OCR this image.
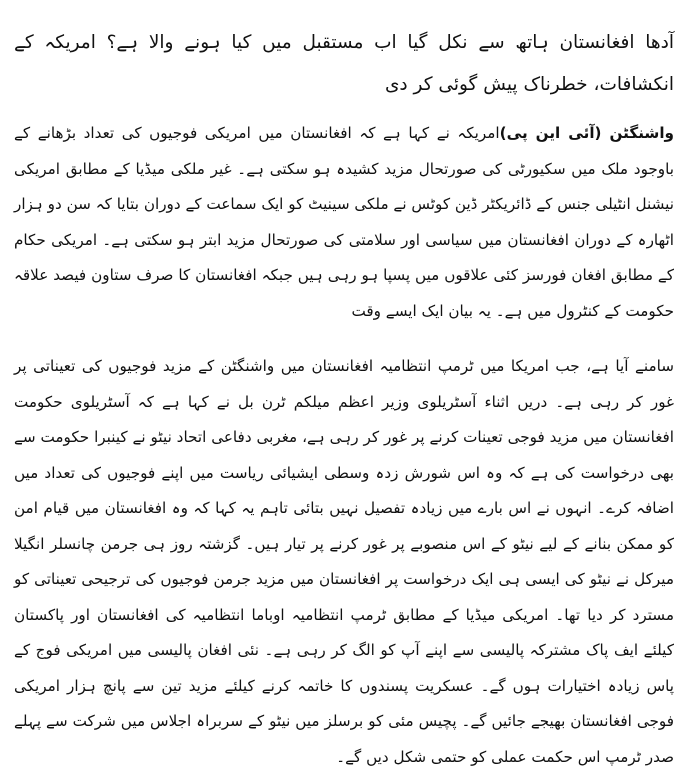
آدھا افغانستان ہاتھ سے نکل گیا اب مستقبل میں کیا ہونے والا ہے؟ امریکہ کے انکشافات، خطرناک پیش گوئی کر دی

واشنگٹن (آئی این پی)امریکہ نے کہا ہے کہ افغانستان میں امریکی فوجیوں کی تعداد بڑھانے کے باوجود ملک میں سکیورٹی کی صورتحال مزید کشیدہ ہو سکتی ہے۔ غیر ملکی میڈیا کے مطابق امریکی نیشنل انٹیلی جنس کے ڈائریکٹر ڈین کوٹس نے ملکی سینیٹ کو ایک سماعت کے دوران بتایا کہ سن دو ہزار اٹھارہ کے دوران افغانستان میں سیاسی اور سلامتی کی صورتحال مزید ابتر ہو سکتی ہے۔ امریکی حکام کے مطابق افغان فورسز کئی علاقوں میں پسپا ہو رہی ہیں جبکہ افغانستان کا صرف ستاون فیصد علاقہ حکومت کے کنٹرول میں ہے۔ یہ بیان ایک ایسے وقت

سامنے آیا ہے، جب امریکا میں ٹرمپ انتظامیہ افغانستان میں واشنگٹن کے مزید فوجیوں کی تعیناتی پر غور کر رہی ہے۔ دریں اثناء آسٹریلوی وزیر اعظم میلکم ٹرن بل نے کہا ہے کہ آسٹریلوی حکومت افغانستان میں مزید فوجی تعینات کرنے پر غور کر رہی ہے، مغربی دفاعی اتحاد نیٹو نے کینبرا حکومت سے بھی درخواست کی ہے کہ وہ اس شورش زدہ وسطی ایشیائی ریاست میں اپنے فوجیوں کی تعداد میں اضافہ کرے۔ انہوں نے اس بارے میں زیادہ تفصیل نہیں بتائی تاہم یہ کہا کہ وہ افغانستان میں قیام امن کو ممکن بنانے کے لیے نیٹو کے اس منصوبے پر غور کرنے پر تیار ہیں۔ گزشتہ روز ہی جرمن چانسلر انگیلا میرکل نے نیٹو کی ایسی ہی ایک درخواست پر افغانستان میں مزید جرمن فوجیوں کی ترجیحی تعیناتی کو مسترد کر دیا تھا۔ امریکی میڈیا کے مطابق ٹرمپ انتظامیہ اوباما انتظامیہ کی افغانستان اور پاکستان کیلئے ایف پاک مشترکہ پالیسی سے اپنے آپ کو الگ کر رہی ہے۔ نئی افغان پالیسی میں امریکی فوج کے پاس زیادہ اختیارات ہوں گے۔ عسکریت پسندوں کا خاتمہ کرنے کیلئے مزید تین سے پانچ ہزار امریکی فوجی افغانستان بھیجے جائیں گے۔ پچیس مئی کو برسلز میں نیٹو کے سربراہ اجلاس میں شرکت سے پہلے صدر ٹرمپ اس حکمت عملی کو حتمی شکل دیں گے۔
